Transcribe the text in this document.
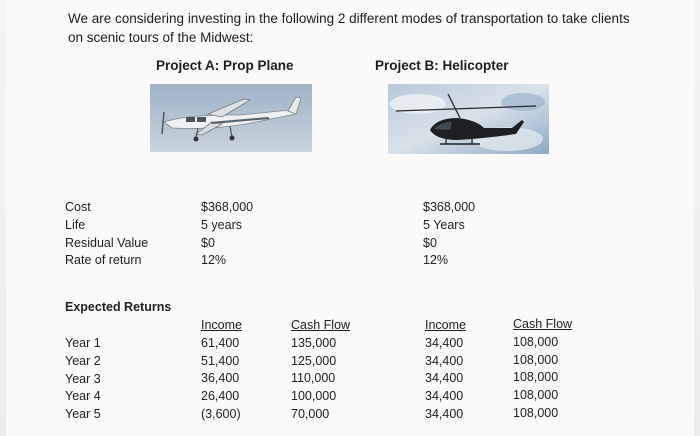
We are considering investing in the following 2 different modes of transportation to take clients
on scenic tours of the Midwest:
Project A: Prop Plane	Project B: Helicopter
Cost
Life
Residual Value
Rate of return
$368,000
5 years
$0
12%
$368,000
5 Years
$0
12%
Expected Returns
Year 1
Year 2
Year 3
Year 4
Year 5
Income
61,400
51,400
36,400
26,400
(3,600)
Cash Flow
135,000
125,000
110,000
100,000
70,000
Income
34,400
34,400
34,400
34,400
34,400
Cash Flow
108,000
108,000
108,000
108,000
108,000
